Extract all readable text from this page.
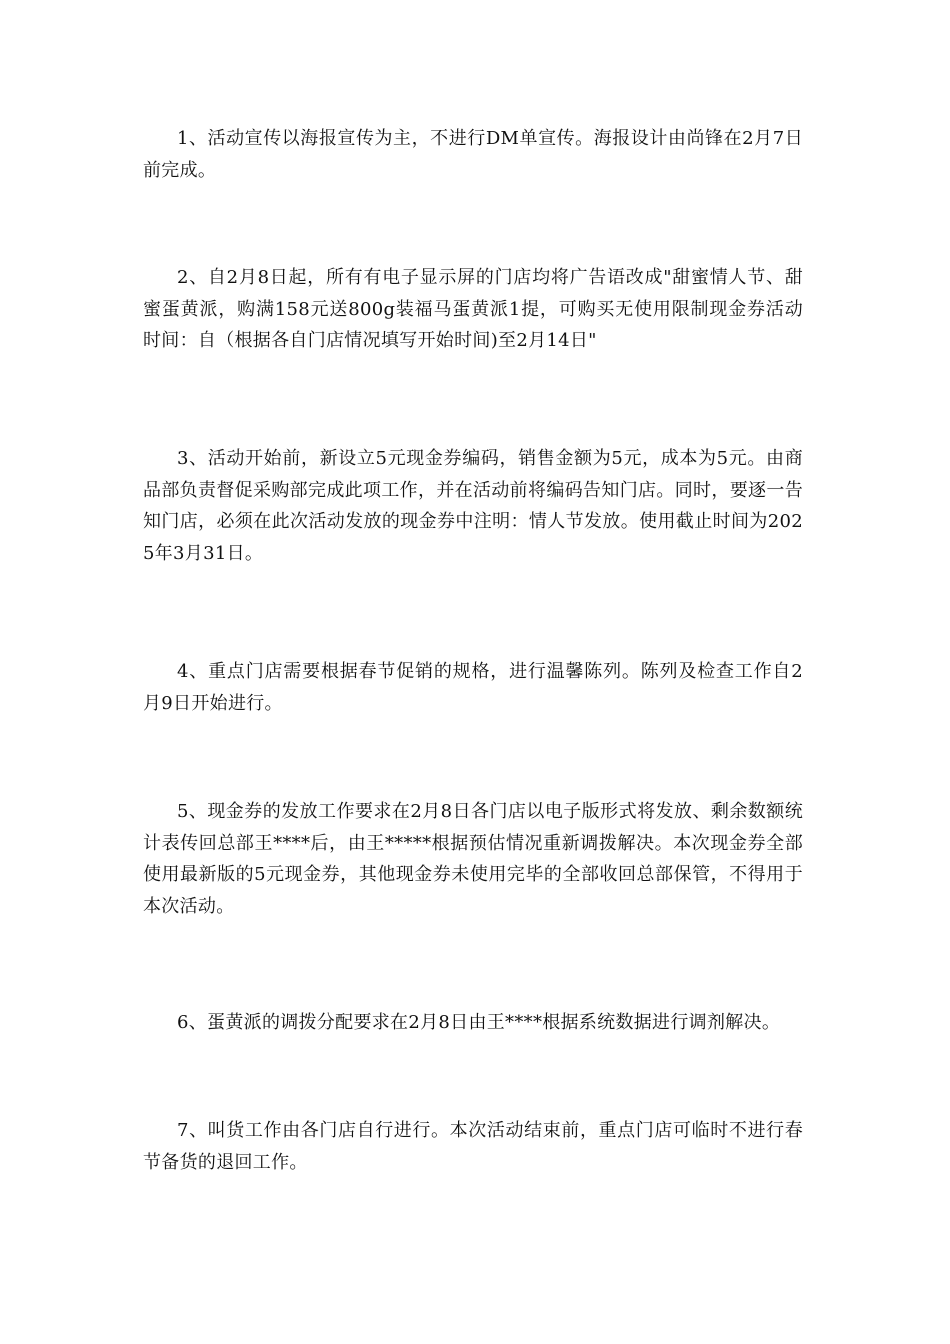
1、活动宣传以海报宣传为主，不进行DM单宣传。海报设计由尚锋在2月7日前完成。

2、自2月8日起，所有有电子显示屏的门店均将广告语改成"甜蜜情人节、甜蜜蛋黄派，购满158元送800g装福马蛋黄派1提，可购买无使用限制现金券活动时间：自（根据各自门店情况填写开始时间)至2月14日"

3、活动开始前，新设立5元现金券编码，销售金额为5元，成本为5元。由商品部负责督促采购部完成此项工作，并在活动前将编码告知门店。同时，要逐一告知门店，必须在此次活动发放的现金券中注明：情人节发放。使用截止时间为2025年3月31日。

4、重点门店需要根据春节促销的规格，进行温馨陈列。陈列及检查工作自2月9日开始进行。

5、现金券的发放工作要求在2月8日各门店以电子版形式将发放、剩余数额统计表传回总部王****后，由王*****根据预估情况重新调拨解决。本次现金券全部使用最新版的5元现金券，其他现金券未使用完毕的全部收回总部保管，不得用于本次活动。

6、蛋黄派的调拨分配要求在2月8日由王****根据系统数据进行调剂解决。

7、叫货工作由各门店自行进行。本次活动结束前，重点门店可临时不进行春节备货的退回工作。
